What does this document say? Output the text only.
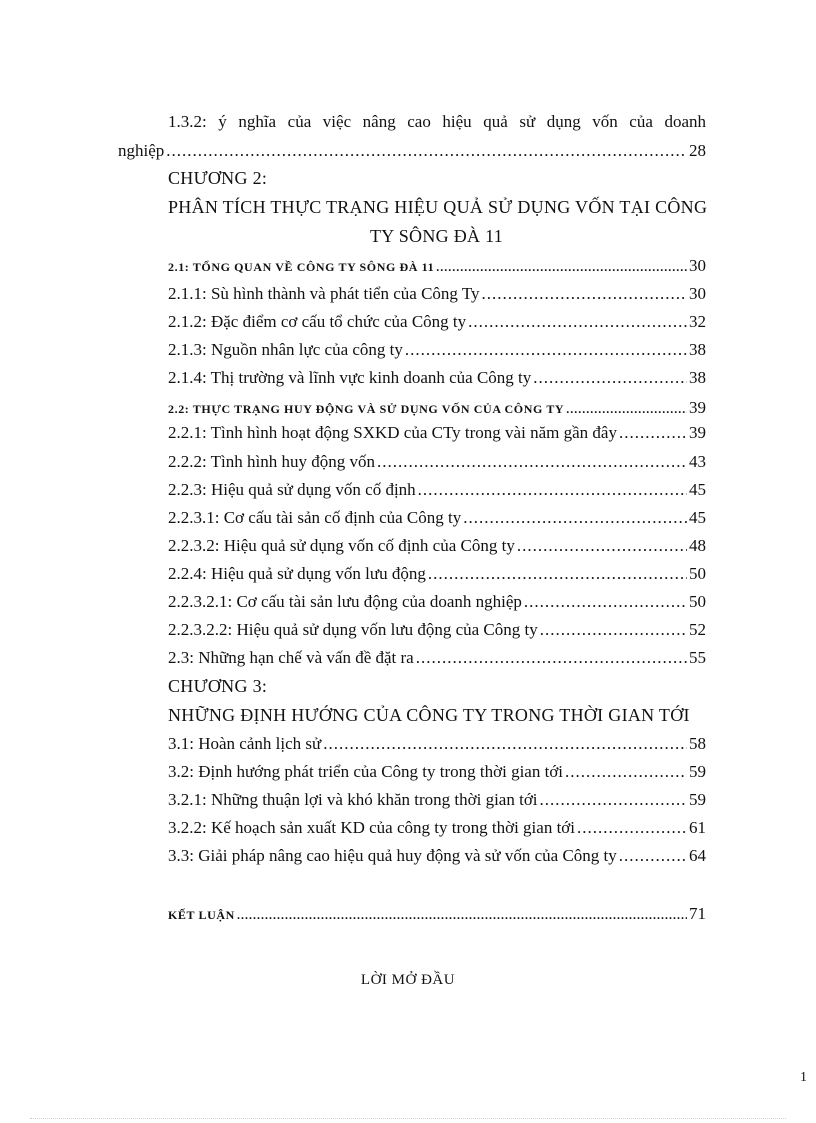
1.3.2: ý nghĩa của việc nâng cao hiệu quả sử dụng vốn của doanh
nghiệp .....	28
CHƯƠNG 2:
PHÂN TÍCH THỰC TRẠNG HIỆU QUẢ SỬ DỤNG VỐN TẠI CÔNG
TY SÔNG ĐÀ 11
2.1: TỔNG QUAN VỀ CÔNG TY SÔNG ĐÀ 11 .....	30
2.1.1: Sù hình thành và phát tiển của Công Ty .....	30
2.1.2: Đặc điểm cơ cấu tổ chức của Công ty .....	32
2.1.3: Nguồn nhân lực của công ty .....	38
2.1.4: Thị trường và lĩnh vực kinh doanh của Công ty .....	38
2.2: THỰC TRẠNG HUY ĐỘNG VÀ SỬ DỤNG VỐN CỦA CÔNG TY .....	39
2.2.1: Tình hình hoạt động SXKD của CTy trong vài năm gần đây .....	39
2.2.2: Tình hình huy động vốn .....	43
2.2.3: Hiệu quả sử dụng vốn cố định .....	45
2.2.3.1: Cơ cấu tài sản cố định của Công ty .....	45
2.2.3.2: Hiệu quả sử dụng vốn cố định của Công ty .....	48
2.2.4: Hiệu quả sử dụng vốn lưu động .....	50
2.2.3.2.1: Cơ cấu tài sản lưu động của doanh nghiệp .....	50
2.2.3.2.2: Hiệu quả sử dụng vốn lưu động của Công ty .....	52
2.3: Những hạn chế và vấn đề đặt ra .....	55
CHƯƠNG 3:
NHỮNG ĐỊNH HƯỚNG CỦA CÔNG TY TRONG THỜI GIAN TỚI
3.1: Hoàn cảnh lịch sử .....	58
3.2: Định hướng phát triển của Công ty trong thời gian tới .....	59
3.2.1: Những thuận lợi và khó khăn trong thời gian tới .....	59
3.2.2: Kế hoạch sản xuất KD của công ty trong thời gian tới .....	61
3.3: Giải pháp nâng cao hiệu quả huy động và sử vốn của Công ty .....	64
KẾT LUẬN .....	71
LỜI MỞ ĐẦU
1
